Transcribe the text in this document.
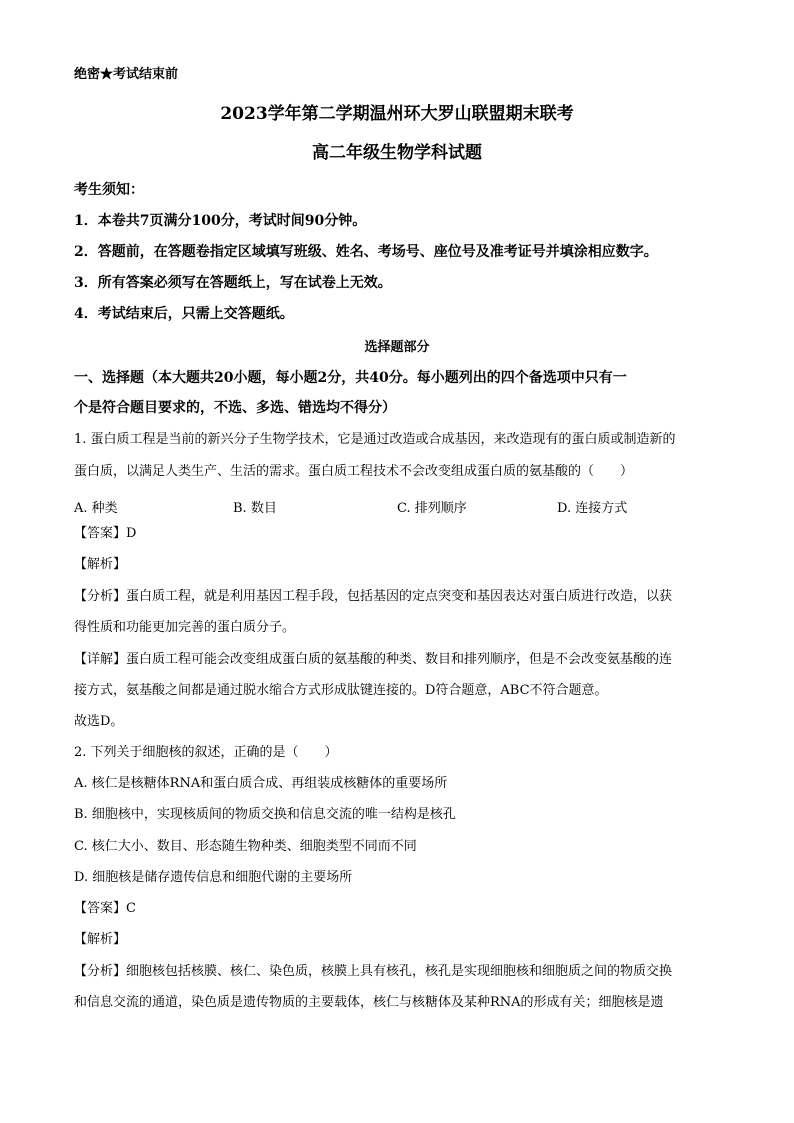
绝密★考试结束前
2023学年第二学期温州环大罗山联盟期末联考
高二年级生物学科试题
考生须知：
1．本卷共7页满分100分，考试时间90分钟。
2．答题前，在答题卷指定区域填写班级、姓名、考场号、座位号及准考证号并填涂相应数字。
3．所有答案必须写在答题纸上，写在试卷上无效。
4．考试结束后，只需上交答题纸。
选择题部分
一、选择题（本大题共20小题，每小题2分，共40分。每小题列出的四个备选项中只有一
个是符合题目要求的，不选、多选、错选均不得分）
1. 蛋白质工程是当前的新兴分子生物学技术，它是通过改造或合成基因，来改造现有的蛋白质或制造新的
蛋白质，以满足人类生产、生活的需求。蛋白质工程技术不会改变组成蛋白质的氨基酸的（　　）
A. 种类	B. 数目	C. 排列顺序	D. 连接方式
【答案】D
【解析】
【分析】蛋白质工程，就是利用基因工程手段，包括基因的定点突变和基因表达对蛋白质进行改造，以获
得性质和功能更加完善的蛋白质分子。
【详解】蛋白质工程可能会改变组成蛋白质的氨基酸的种类、数目和排列顺序，但是不会改变氨基酸的连
接方式，氨基酸之间都是通过脱水缩合方式形成肽键连接的。D符合题意，ABC不符合题意。
故选D。
2. 下列关于细胞核的叙述，正确的是（　　）
A. 核仁是核糖体RNA和蛋白质合成、再组装成核糖体的重要场所
B. 细胞核中，实现核质间的物质交换和信息交流的唯一结构是核孔
C. 核仁大小、数目、形态随生物种类、细胞类型不同而不同
D. 细胞核是储存遗传信息和细胞代谢的主要场所
【答案】C
【解析】
【分析】细胞核包括核膜、核仁、染色质，核膜上具有核孔，核孔是实现细胞核和细胞质之间的物质交换
和信息交流的通道，染色质是遗传物质的主要载体，核仁与核糖体及某种RNA的形成有关；细胞核是遗
